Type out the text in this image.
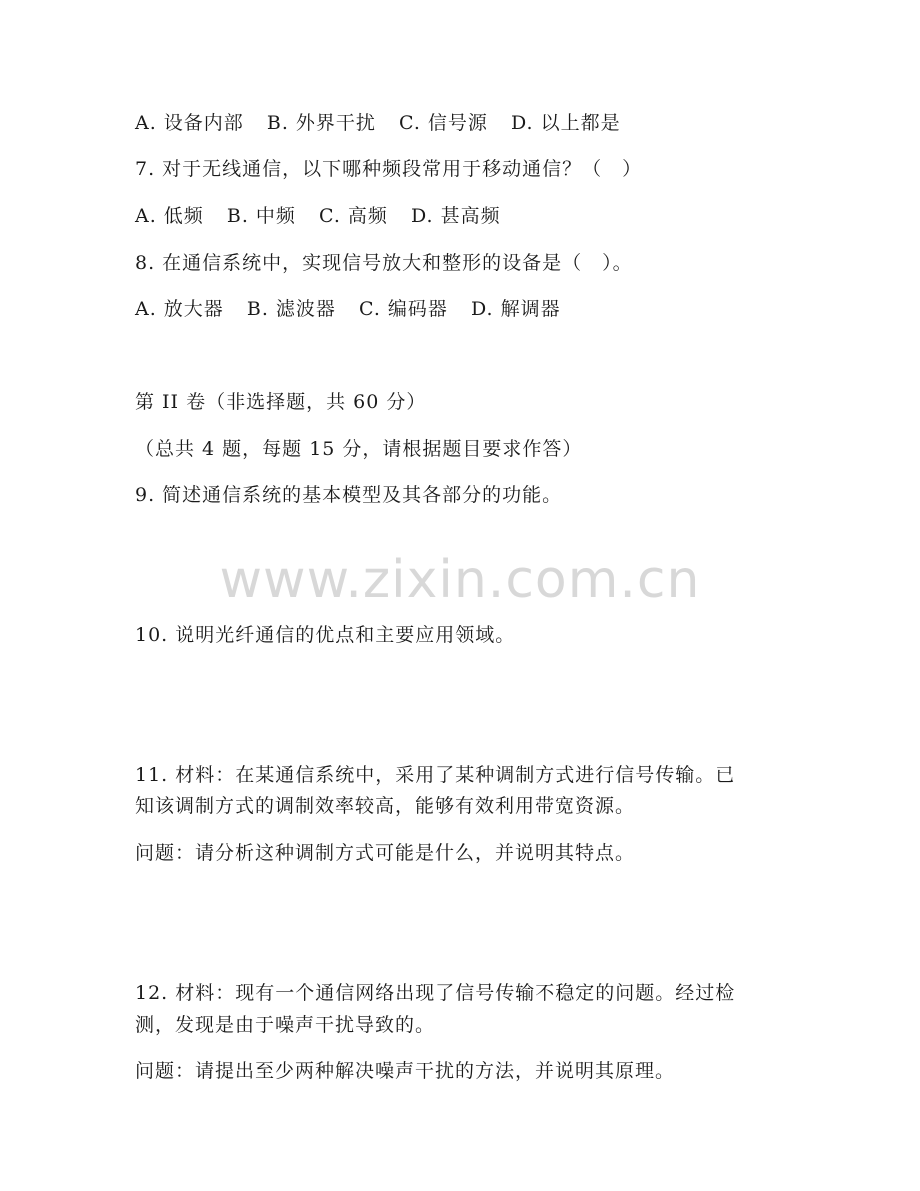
www.zixin.com.cn
A. 设备内部 B. 外界干扰 C. 信号源 D. 以上都是
7. 对于无线通信，以下哪种频段常用于移动通信？（　）
A. 低频 B. 中频 C. 高频 D. 甚高频
8. 在通信系统中，实现信号放大和整形的设备是（　）。
A. 放大器 B. 滤波器 C. 编码器 D. 解调器
第 II 卷（非选择题，共 60 分）
（总共 4 题，每题 15 分，请根据题目要求作答）
9. 简述通信系统的基本模型及其各部分的功能。
10. 说明光纤通信的优点和主要应用领域。
11. 材料：在某通信系统中，采用了某种调制方式进行信号传输。已
知该调制方式的调制效率较高，能够有效利用带宽资源。
问题：请分析这种调制方式可能是什么，并说明其特点。
12. 材料：现有一个通信网络出现了信号传输不稳定的问题。经过检
测，发现是由于噪声干扰导致的。
问题：请提出至少两种解决噪声干扰的方法，并说明其原理。
